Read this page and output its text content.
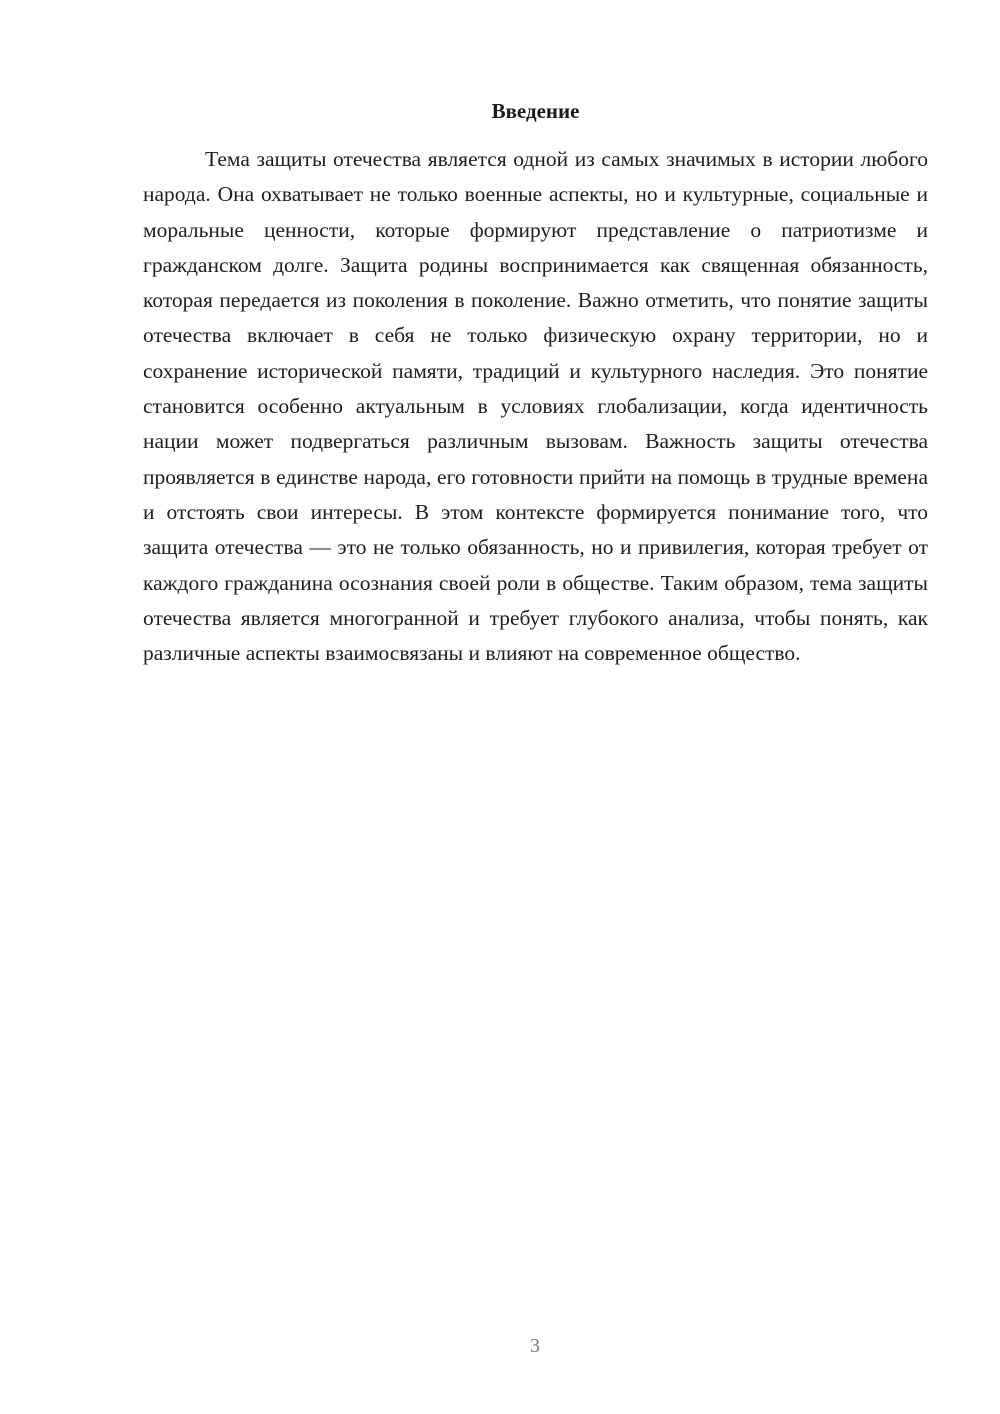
Введение

Тема защиты отечества является одной из самых значимых в истории любого народа. Она охватывает не только военные аспекты, но и культурные, социальные и моральные ценности, которые формируют представление о патриотизме и гражданском долге. Защита родины воспринимается как священная обязанность, которая передается из поколения в поколение. Важно отметить, что понятие защиты отечества включает в себя не только физическую охрану территории, но и сохранение исторической памяти, традиций и культурного наследия. Это понятие становится особенно актуальным в условиях глобализации, когда идентичность нации может подвергаться различным вызовам. Важность защиты отечества проявляется в единстве народа, его готовности прийти на помощь в трудные времена и отстоять свои интересы. В этом контексте формируется понимание того, что защита отечества — это не только обязанность, но и привилегия, которая требует от каждого гражданина осознания своей роли в обществе. Таким образом, тема защиты отечества является многогранной и требует глубокого анализа, чтобы понять, как различные аспекты взаимосвязаны и влияют на современное общество.

3
